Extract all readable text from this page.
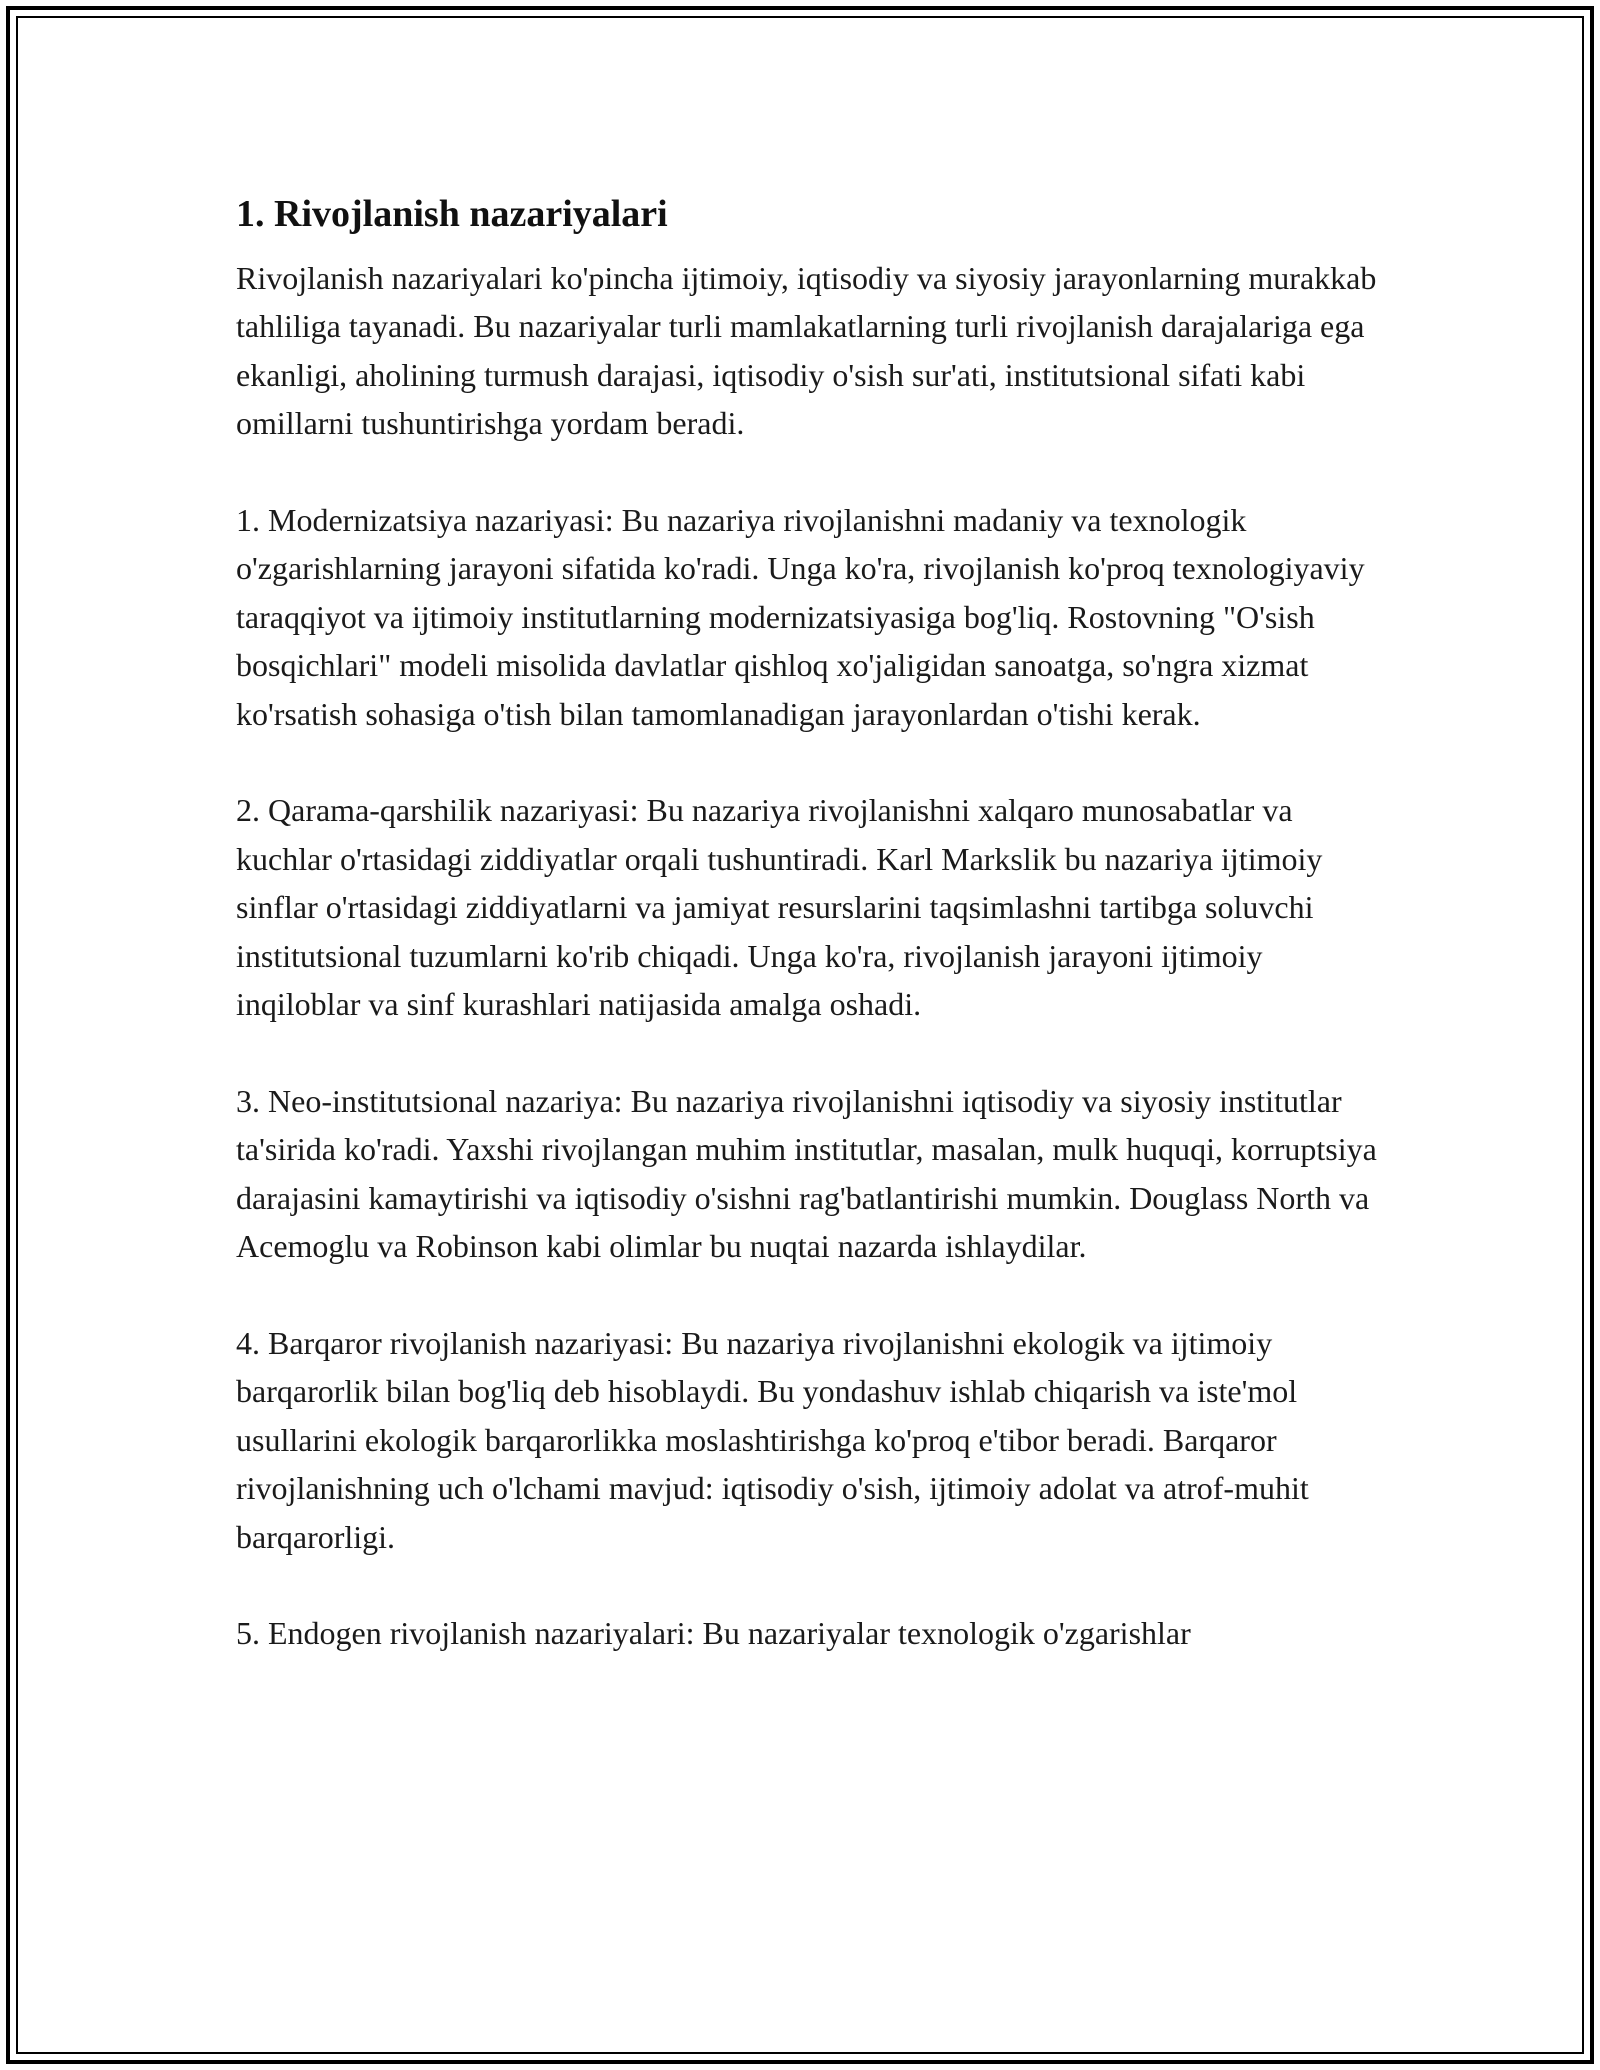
1. Rivojlanish nazariyalari

Rivojlanish nazariyalari ko'pincha ijtimoiy, iqtisodiy va siyosiy jarayonlarning murakkab tahliliga tayanadi. Bu nazariyalar turli mamlakatlarning turli rivojlanish darajalariga ega ekanligi, aholining turmush darajasi, iqtisodiy o'sish sur'ati, institutsional sifati kabi omillarni tushuntirishga yordam beradi.

1. Modernizatsiya nazariyasi: Bu nazariya rivojlanishni madaniy va texnologik o'zgarishlarning jarayoni sifatida ko'radi. Unga ko'ra, rivojlanish ko'proq texnologiyaviy taraqqiyot va ijtimoiy institutlarning modernizatsiyasiga bog'liq. Rostovning "O'sish bosqichlari" modeli misolida davlatlar qishloq xo'jaligidan sanoatga, so'ngra xizmat ko'rsatish sohasiga o'tish bilan tamomlanadigan jarayonlardan o'tishi kerak.

2. Qarama-qarshilik nazariyasi: Bu nazariya rivojlanishni xalqaro munosabatlar va kuchlar o'rtasidagi ziddiyatlar orqali tushuntiradi. Karl Markslik bu nazariya ijtimoiy sinflar o'rtasidagi ziddiyatlarni va jamiyat resurslarini taqsimlashni tartibga soluvchi institutsional tuzumlarni ko'rib chiqadi. Unga ko'ra, rivojlanish jarayoni ijtimoiy inqiloblar va sinf kurashlari natijasida amalga oshadi.

3. Neo-institutsional nazariya: Bu nazariya rivojlanishni iqtisodiy va siyosiy institutlar ta'sirida ko'radi. Yaxshi rivojlangan muhim institutlar, masalan, mulk huquqi, korruptsiya darajasini kamaytirishi va iqtisodiy o'sishni rag'batlantirishi mumkin. Douglass North va Acemoglu va Robinson kabi olimlar bu nuqtai nazarda ishlaydilar.

4. Barqaror rivojlanish nazariyasi: Bu nazariya rivojlanishni ekologik va ijtimoiy barqarorlik bilan bog'liq deb hisoblaydi. Bu yondashuv ishlab chiqarish va iste'mol usullarini ekologik barqarorlikka moslashtirishga ko'proq e'tibor beradi. Barqaror rivojlanishning uch o'lchami mavjud: iqtisodiy o'sish, ijtimoiy adolat va atrof-muhit barqarorligi.

5. Endogen rivojlanish nazariyalari: Bu nazariyalar texnologik o'zgarishlar
